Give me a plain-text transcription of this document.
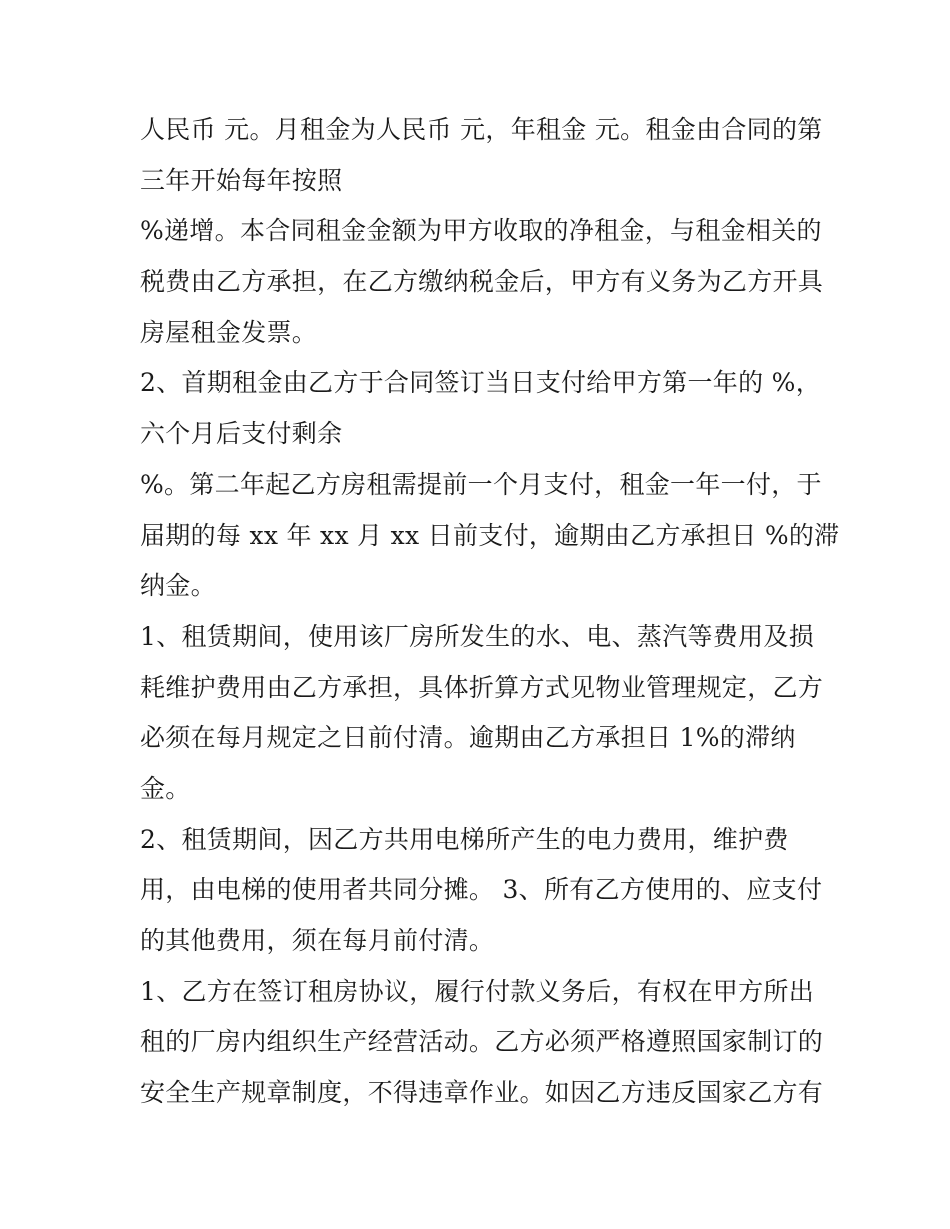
人民币 元。月租金为人民币 元，年租金 元。租金由合同的第
三年开始每年按照
%递增。本合同租金金额为甲方收取的净租金，与租金相关的
税费由乙方承担，在乙方缴纳税金后，甲方有义务为乙方开具
房屋租金发票。
2、首期租金由乙方于合同签订当日支付给甲方第一年的 %，
六个月后支付剩余
%。第二年起乙方房租需提前一个月支付，租金一年一付，于
届期的每 xx 年 xx 月 xx 日前支付，逾期由乙方承担日 %的滞
纳金。
1、租赁期间，使用该厂房所发生的水、电、蒸汽等费用及损
耗维护费用由乙方承担，具体折算方式见物业管理规定，乙方
必须在每月规定之日前付清。逾期由乙方承担日 1%的滞纳
金。
2、租赁期间，因乙方共用电梯所产生的电力费用，维护费
用，由电梯的使用者共同分摊。 3、所有乙方使用的、应支付
的其他费用，须在每月前付清。
1、乙方在签订租房协议，履行付款义务后，有权在甲方所出
租的厂房内组织生产经营活动。乙方必须严格遵照国家制订的
安全生产规章制度，不得违章作业。如因乙方违反国家乙方有
